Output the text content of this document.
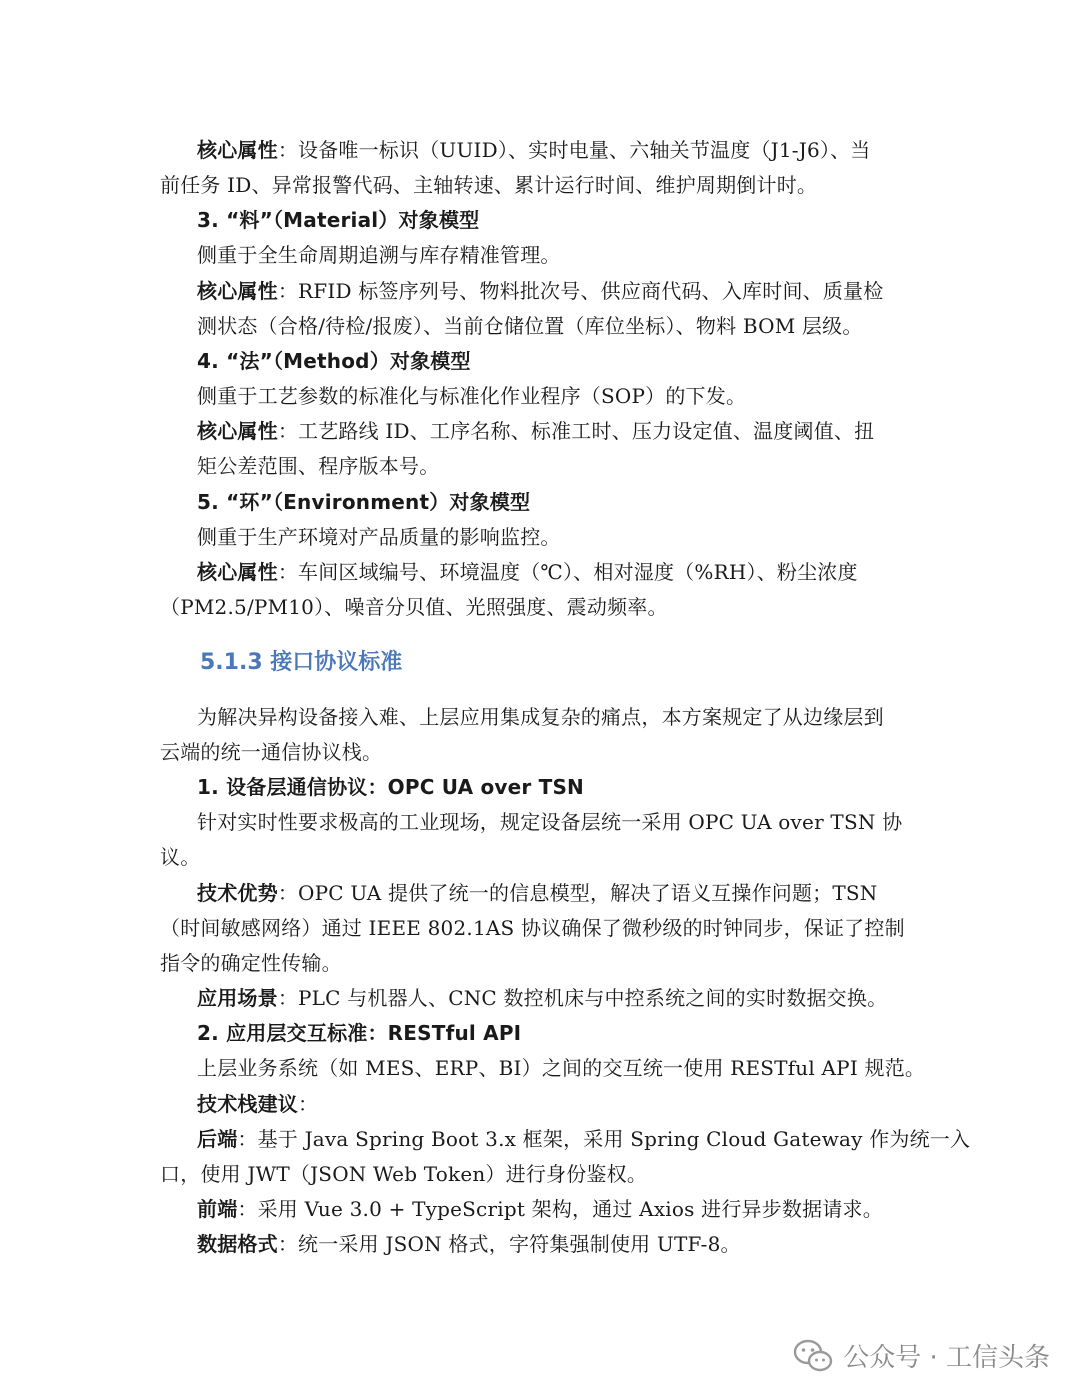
核心属性：设备唯一标识（UUID）、实时电量、六轴关节温度（J1-J6）、当
前任务 ID、异常报警代码、主轴转速、累计运行时间、维护周期倒计时。
3. “料”（Material）对象模型
侧重于全生命周期追溯与库存精准管理。
核心属性：RFID 标签序列号、物料批次号、供应商代码、入库时间、质量检
测状态（合格/待检/报废）、当前仓储位置（库位坐标）、物料 BOM 层级。
4. “法”（Method）对象模型
侧重于工艺参数的标准化与标准化作业程序（SOP）的下发。
核心属性：工艺路线 ID、工序名称、标准工时、压力设定值、温度阈值、扭
矩公差范围、程序版本号。
5. “环”（Environment）对象模型
侧重于生产环境对产品质量的影响监控。
核心属性：车间区域编号、环境温度（℃）、相对湿度（%RH）、粉尘浓度
（PM2.5/PM10）、噪音分贝值、光照强度、震动频率。
5.1.3 接口协议标准
为解决异构设备接入难、上层应用集成复杂的痛点，本方案规定了从边缘层到
云端的统一通信协议栈。
1. 设备层通信协议：OPC UA over TSN
针对实时性要求极高的工业现场，规定设备层统一采用 OPC UA over TSN 协
议。
技术优势：OPC UA 提供了统一的信息模型，解决了语义互操作问题；TSN
（时间敏感网络）通过 IEEE 802.1AS 协议确保了微秒级的时钟同步，保证了控制
指令的确定性传输。
应用场景：PLC 与机器人、CNC 数控机床与中控系统之间的实时数据交换。
2. 应用层交互标准：RESTful API
上层业务系统（如 MES、ERP、BI）之间的交互统一使用 RESTful API 规范。
技术栈建议：
后端：基于 Java Spring Boot 3.x 框架，采用 Spring Cloud Gateway 作为统一入
口，使用 JWT（JSON Web Token）进行身份鉴权。
前端：采用 Vue 3.0 + TypeScript 架构，通过 Axios 进行异步数据请求。
数据格式：统一采用 JSON 格式，字符集强制使用 UTF-8。
公众号 · 工信头条
